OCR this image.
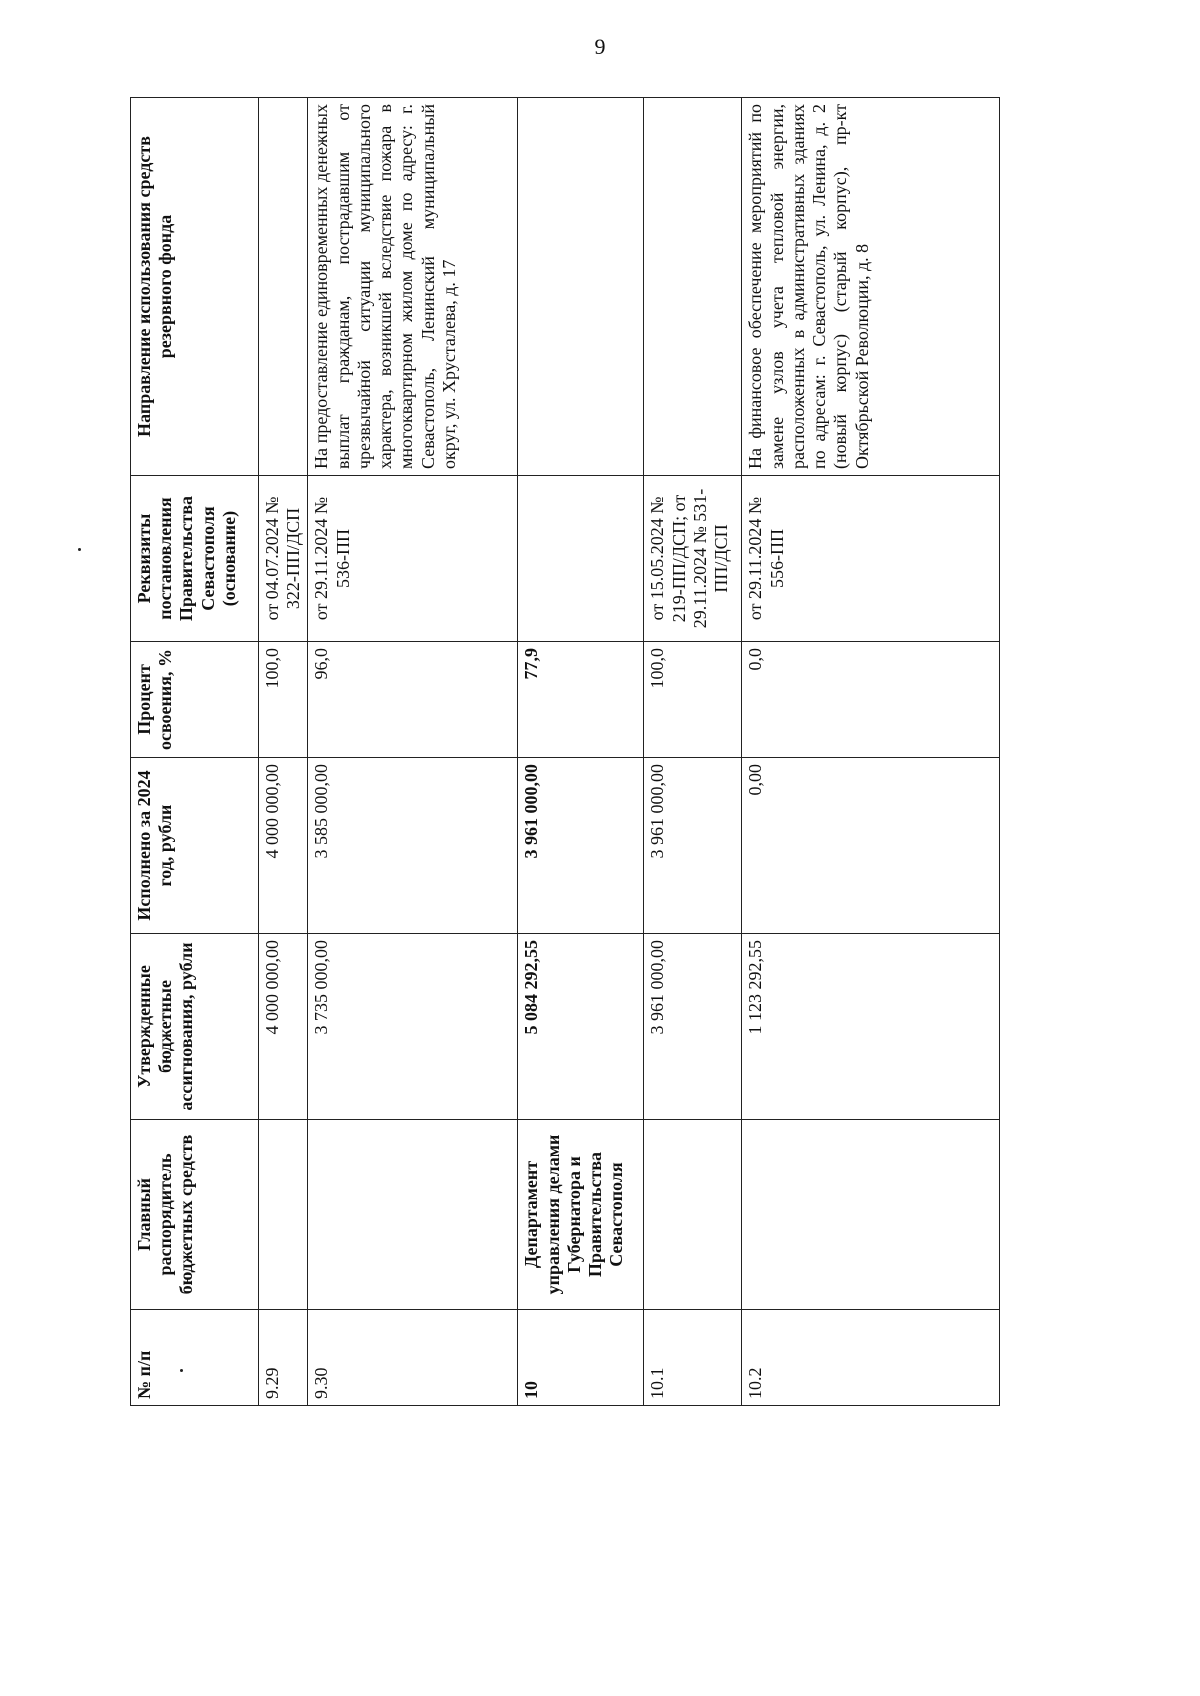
9
№ п/п	Главный распорядитель бюджетных средств	Утвержденные бюджетные ассигнования, рубли	Исполнено за 2024 год, рубли	Процент освоения, %	Реквизиты постановления Правительства Севастополя (основание)	Направление использования средств резервного фонда
9.29		4 000 000,00	4 000 000,00	100,0	от 04.07.2024 № 322-ПП/ДСП	
9.30		3 735 000,00	3 585 000,00	96,0	от 29.11.2024 № 536-ПП	На предоставление единовременных денежных выплат гражданам, пострадавшим от чрезвычайной ситуации муниципального характера, возникшей вследствие пожара в многоквартирном жилом доме по адресу: г. Севастополь, Ленинский муниципальный округ, ул. Хрусталева, д. 17
10	Департамент управления делами Губернатора и Правительства Севастополя	5 084 292,55	3 961 000,00	77,9		
10.1		3 961 000,00	3 961 000,00	100,0	от 15.05.2024 № 219-ПП/ДСП; от 29.11.2024 № 531-ПП/ДСП	
10.2		1 123 292,55	0,00	0,0	от 29.11.2024 № 556-ПП	На финансовое обеспечение мероприятий по замене узлов учета тепловой энергии, расположенных в административных зданиях по адресам: г. Севастополь, ул. Ленина, д. 2 (новый корпус) (старый корпус), пр-кт Октябрьской Революции, д. 8
